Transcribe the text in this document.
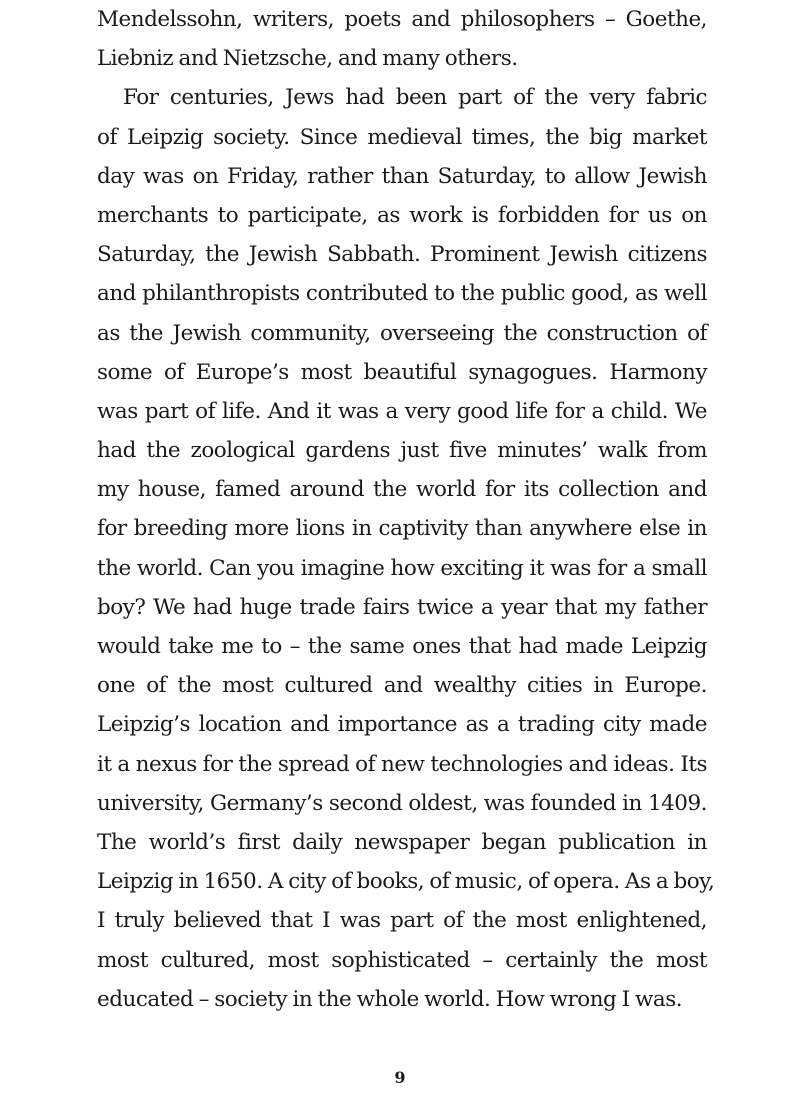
Mendelssohn, writers, poets and philosophers – Goethe,
Liebniz and Nietzsche, and many others.
For centuries, Jews had been part of the very fabric
of Leipzig society. Since medieval times, the big market
day was on Friday, rather than Saturday, to allow Jewish
merchants to participate, as work is forbidden for us on
Saturday, the Jewish Sabbath. Prominent Jewish citizens
and philanthropists contributed to the public good, as well
as the Jewish community, overseeing the construction of
some of Europe’s most beautiful synagogues. Harmony
was part of life. And it was a very good life for a child. We
had the zoological gardens just five minutes’ walk from
my house, famed around the world for its collection and
for breeding more lions in captivity than anywhere else in
the world. Can you imagine how exciting it was for a small
boy? We had huge trade fairs twice a year that my father
would take me to – the same ones that had made Leipzig
one of the most cultured and wealthy cities in Europe.
Leipzig’s location and importance as a trading city made
it a nexus for the spread of new technologies and ideas. Its
university, Germany’s second oldest, was founded in 1409.
The world’s first daily newspaper began publication in
Leipzig in 1650. A city of books, of music, of opera. As a boy,
I truly believed that I was part of the most enlightened,
most cultured, most sophisticated – certainly the most
educated – society in the whole world. How wrong I was.
9
